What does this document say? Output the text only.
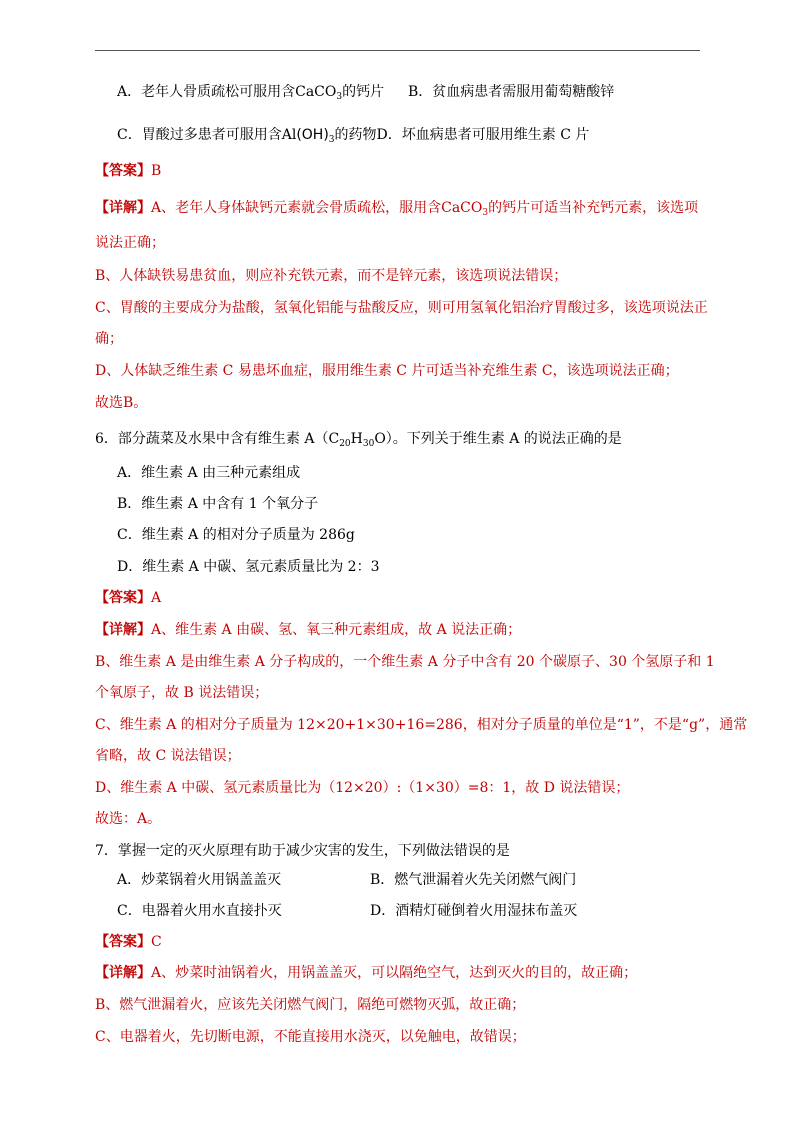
A．老年人骨质疏松可服用含CaCO$_3$的钙片 B．贫血病患者需服用葡萄糖酸锌
C．胃酸过多患者可服用含$Al(OH)_3$的药物D．坏血病患者可服用维生素 C 片
【答案】B
【详解】A、老年人身体缺钙元素就会骨质疏松，服用含CaCO$_3$的钙片可适当补充钙元素，该选项
说法正确；
B、人体缺铁易患贫血，则应补充铁元素，而不是锌元素，该选项说法错误；
C、胃酸的主要成分为盐酸，氢氧化铝能与盐酸反应，则可用氢氧化铝治疗胃酸过多，该选项说法正
确；
D、人体缺乏维生素 C 易患坏血症，服用维生素 C 片可适当补充维生素 C，该选项说法正确；
故选B。
6．部分蔬菜及水果中含有维生素 $A(C_{20}H_{30}O)$。下列关于维生素 A 的说法正确的是
A．维生素 A 由三种元素组成
B．维生素 A 中含有 1 个氧分子
C．维生素 A 的相对分子质量为 286g
D．维生素 A 中碳、氢元素质量比为 2：3
【答案】A
【详解】A、维生素 A 由碳、氢、氧三种元素组成，故 A 说法正确；
B、维生素 A 是由维生素 A 分子构成的，一个维生素 A 分子中含有 20 个碳原子、30 个氢原子和 1
个氧原子，故 B 说法错误；
C、维生素 A 的相对分子质量为 12×20+1×30+16=286，相对分子质量的单位是“1”，不是“g”，通常
省略，故 C 说法错误；
D、维生素 A 中碳、氢元素质量比为（12×20）:（1×30）=8：1，故 D 说法错误；
故选：A。
7．掌握一定的灭火原理有助于减少灾害的发生，下列做法错误的是
A．炒菜锅着火用锅盖盖灭	B．燃气泄漏着火先关闭燃气阀门
C．电器着火用水直接扑灭	D．酒精灯碰倒着火用湿抹布盖灭
【答案】C
【详解】A、炒菜时油锅着火，用锅盖盖灭，可以隔绝空气，达到灭火的目的，故正确；
B、燃气泄漏着火，应该先关闭燃气阀门，隔绝可燃物灭弧，故正确；
C、电器着火，先切断电源，不能直接用水浇灭，以免触电，故错误；
